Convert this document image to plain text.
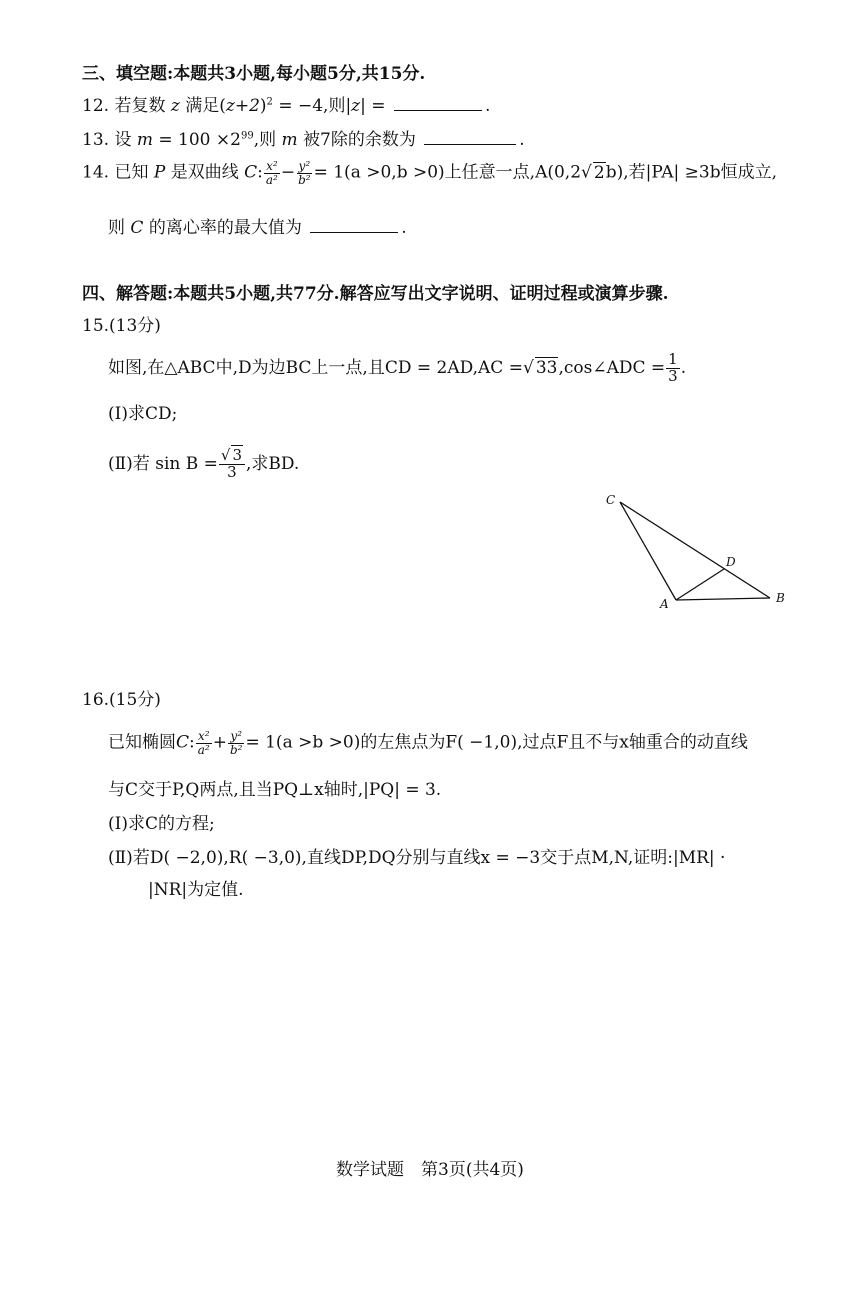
三、填空题:本题共3小题,每小题5分,共15分.
12. 若复数 z 满足$(z+2)^2 = -4$,则|z| =	.
13. 设 $m = 100 \times 2^{99}$,则 m 被7除的余数为	.
14. 已知 P 是双曲线 C: $\frac{\text{x²}}{\text{a²}} - \frac{\text{y²}}{\text{b²}} = 1(a >0,b >0)$上任意一点,A(0,2√ 2b),若|PA| ≥3b恒成立,
则 C 的离心率的最大值为	.
四、解答题:本题共5小题,共77分.解答应写出文字说明、证明过程或演算步骤.
15.(13分)
如图,在△ABC中,D为边BC上一点,且CD = 2AD,AC =√ 33,cos∠ADC = $\frac{1}{3}$ .
(Ⅰ)求CD;
(Ⅱ)若 $\sin B = \frac{√ 3}{3}$ ,求BD.
C
D
A	B
16.(15分)
已知椭圆C: $\frac{\text{x²}}{\text{a²}} + \frac{\text{y²}}{\text{b²}} = 1(a >b >0)$的左焦点为F( −1,0),过点F且不与x轴重合的动直线
与C交于P,Q两点,且当PQ⊥x轴时,|PQ| = 3.
(Ⅰ)求C的方程;
(Ⅱ)若D( −2,0),R( −3,0),直线DP,DQ分别与直线x = −3交于点M,N,证明:|MR| ·
|NR|为定值.
数学试题　第3页(共4页)
